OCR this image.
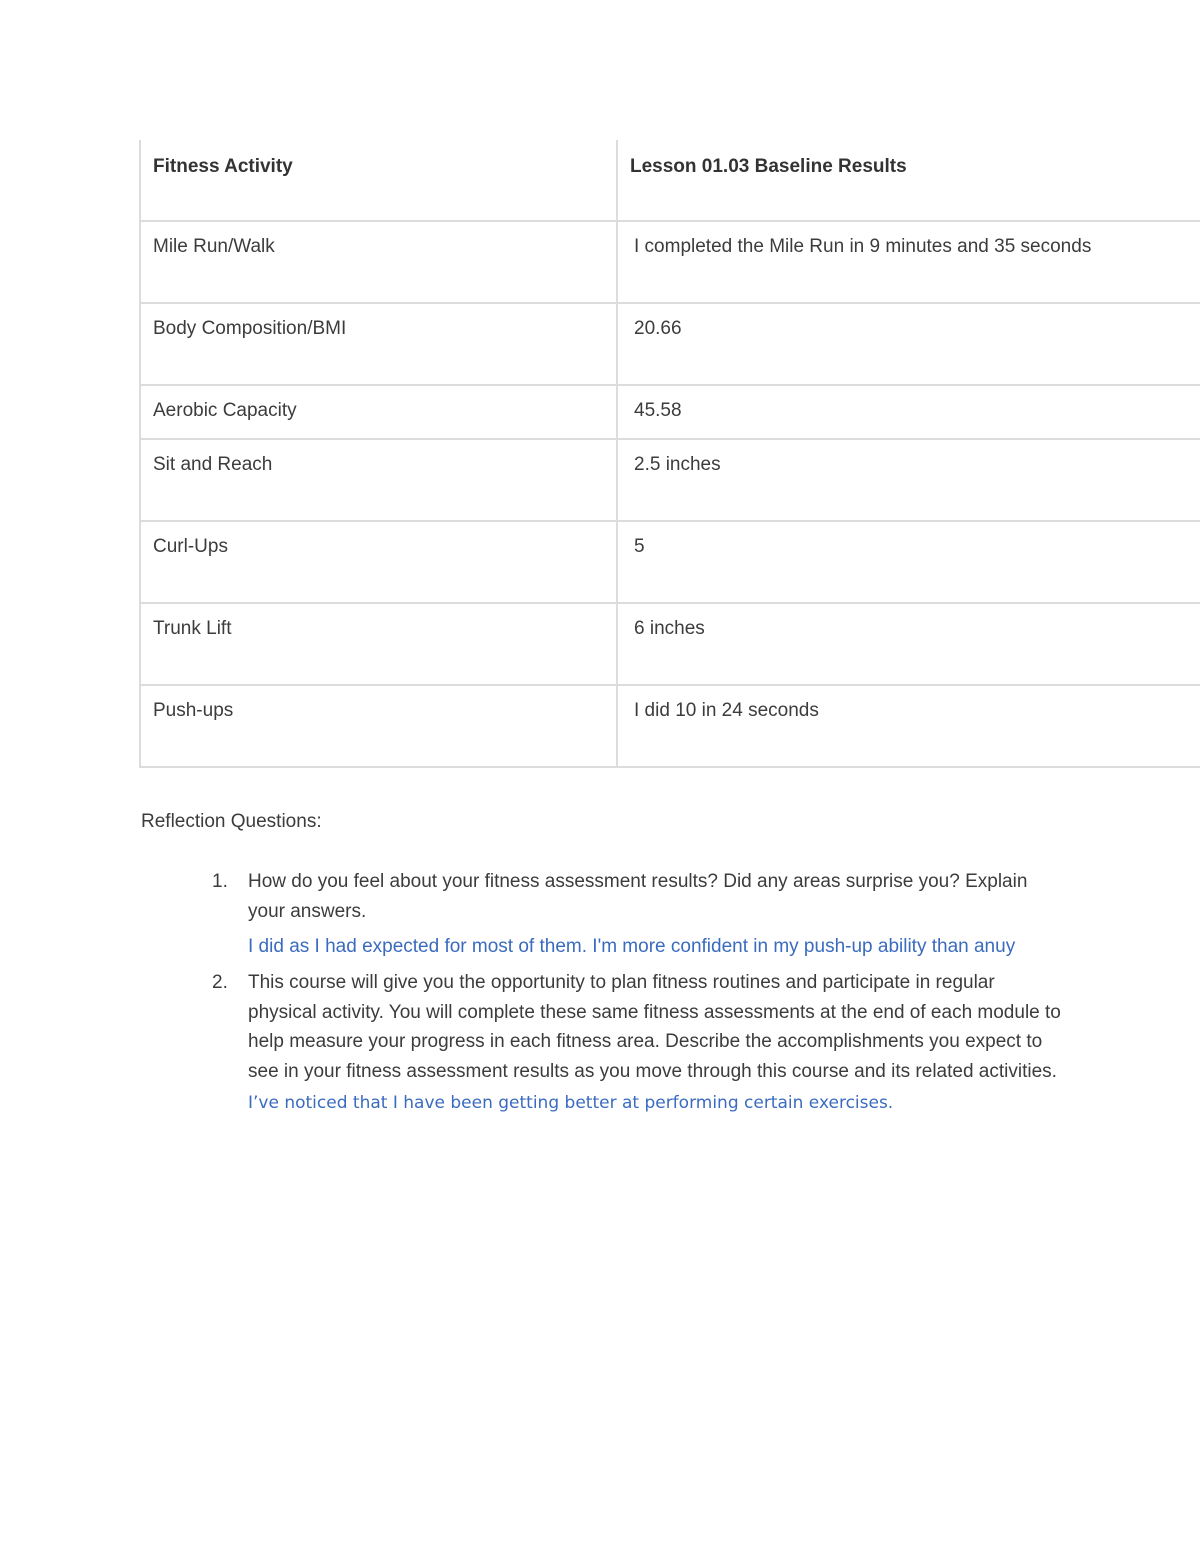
Fitness Activity	Lesson 01.03 Baseline Results

Mile Run/Walk	I completed the Mile Run in 9 minutes and 35 seconds

Body Composition/BMI	20.66

Aerobic Capacity	45.58

Sit and Reach	2.5 inches

Curl-Ups	5

Trunk Lift	6 inches

Push-ups	I did 10 in 24 seconds
Reflection Questions:
1. How do you feel about your fitness assessment results? Did any areas surprise you? Explain your answers.
I did as I had expected for most of them. I'm more confident in my push-up ability than anuy
2. This course will give you the opportunity to plan fitness routines and participate in regular physical activity. You will complete these same fitness assessments at the end of each module to help measure your progress in each fitness area. Describe the accomplishments you expect to see in your fitness assessment results as you move through this course and its related activities.
I’ve noticed that I have been getting better at performing certain exercises.
